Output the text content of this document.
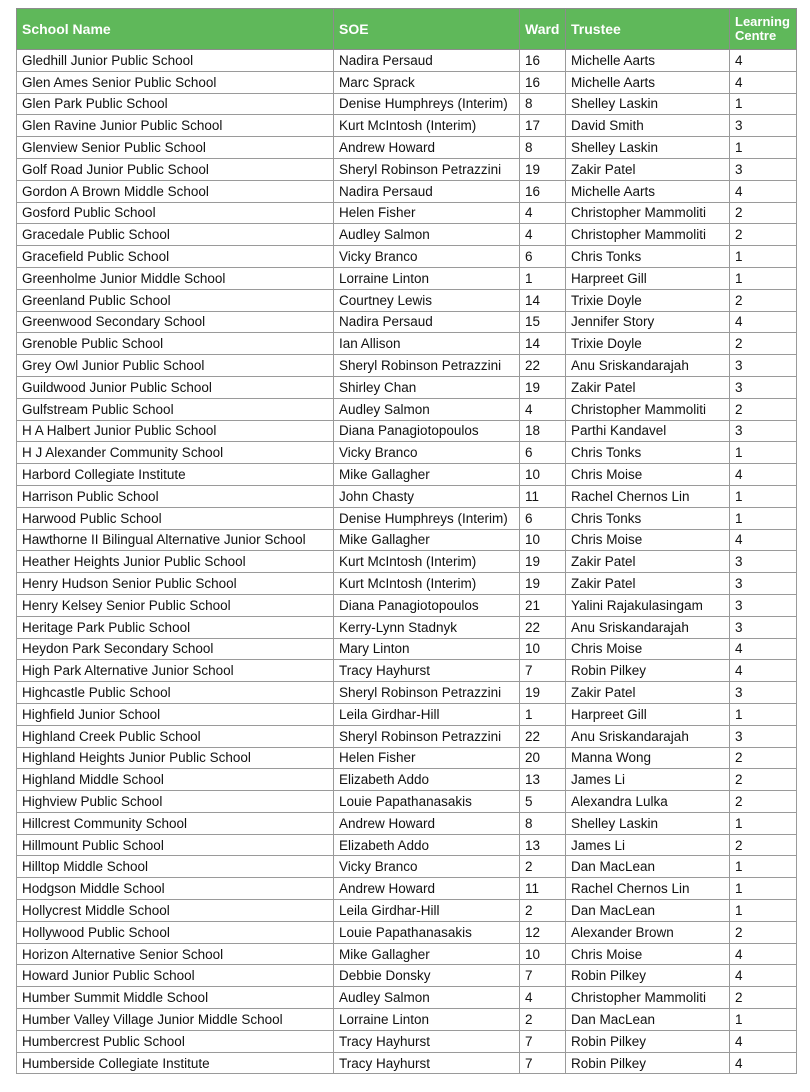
School Name	SOE	Ward	Trustee	Learning Centre
Gledhill Junior Public School	Nadira Persaud	16	Michelle Aarts	4
Glen Ames Senior Public School	Marc Sprack	16	Michelle Aarts	4
Glen Park Public School	Denise Humphreys (Interim)	8	Shelley Laskin	1
Glen Ravine Junior Public School	Kurt McIntosh (Interim)	17	David Smith	3
Glenview Senior Public School	Andrew Howard	8	Shelley Laskin	1
Golf Road Junior Public School	Sheryl Robinson Petrazzini	19	Zakir Patel	3
Gordon A Brown Middle School	Nadira Persaud	16	Michelle Aarts	4
Gosford Public School	Helen Fisher	4	Christopher Mammoliti	2
Gracedale Public School	Audley Salmon	4	Christopher Mammoliti	2
Gracefield Public School	Vicky Branco	6	Chris Tonks	1
Greenholme Junior Middle School	Lorraine Linton	1	Harpreet Gill	1
Greenland Public School	Courtney Lewis	14	Trixie Doyle	2
Greenwood Secondary School	Nadira Persaud	15	Jennifer Story	4
Grenoble Public School	Ian Allison	14	Trixie Doyle	2
Grey Owl Junior Public School	Sheryl Robinson Petrazzini	22	Anu Sriskandarajah	3
Guildwood Junior Public School	Shirley Chan	19	Zakir Patel	3
Gulfstream Public School	Audley Salmon	4	Christopher Mammoliti	2
H A Halbert Junior Public School	Diana Panagiotopoulos	18	Parthi Kandavel	3
H J Alexander Community School	Vicky Branco	6	Chris Tonks	1
Harbord Collegiate Institute	Mike Gallagher	10	Chris Moise	4
Harrison Public School	John Chasty	11	Rachel Chernos Lin	1
Harwood Public School	Denise Humphreys (Interim)	6	Chris Tonks	1
Hawthorne II Bilingual Alternative Junior School	Mike Gallagher	10	Chris Moise	4
Heather Heights Junior Public School	Kurt McIntosh (Interim)	19	Zakir Patel	3
Henry Hudson Senior Public School	Kurt McIntosh (Interim)	19	Zakir Patel	3
Henry Kelsey Senior Public School	Diana Panagiotopoulos	21	Yalini Rajakulasingam	3
Heritage Park Public School	Kerry-Lynn Stadnyk	22	Anu Sriskandarajah	3
Heydon Park Secondary School	Mary Linton	10	Chris Moise	4
High Park Alternative Junior School	Tracy Hayhurst	7	Robin Pilkey	4
Highcastle Public School	Sheryl Robinson Petrazzini	19	Zakir Patel	3
Highfield Junior School	Leila Girdhar-Hill	1	Harpreet Gill	1
Highland Creek Public School	Sheryl Robinson Petrazzini	22	Anu Sriskandarajah	3
Highland Heights Junior Public School	Helen Fisher	20	Manna Wong	2
Highland Middle School	Elizabeth Addo	13	James Li	2
Highview Public School	Louie Papathanasakis	5	Alexandra Lulka	2
Hillcrest Community School	Andrew Howard	8	Shelley Laskin	1
Hillmount Public School	Elizabeth Addo	13	James Li	2
Hilltop Middle School	Vicky Branco	2	Dan MacLean	1
Hodgson Middle School	Andrew Howard	11	Rachel Chernos Lin	1
Hollycrest Middle School	Leila Girdhar-Hill	2	Dan MacLean	1
Hollywood Public School	Louie Papathanasakis	12	Alexander Brown	2
Horizon Alternative Senior School	Mike Gallagher	10	Chris Moise	4
Howard Junior Public School	Debbie Donsky	7	Robin Pilkey	4
Humber Summit Middle School	Audley Salmon	4	Christopher Mammoliti	2
Humber Valley Village Junior Middle School	Lorraine Linton	2	Dan MacLean	1
Humbercrest Public School	Tracy Hayhurst	7	Robin Pilkey	4
Humberside Collegiate Institute	Tracy Hayhurst	7	Robin Pilkey	4
